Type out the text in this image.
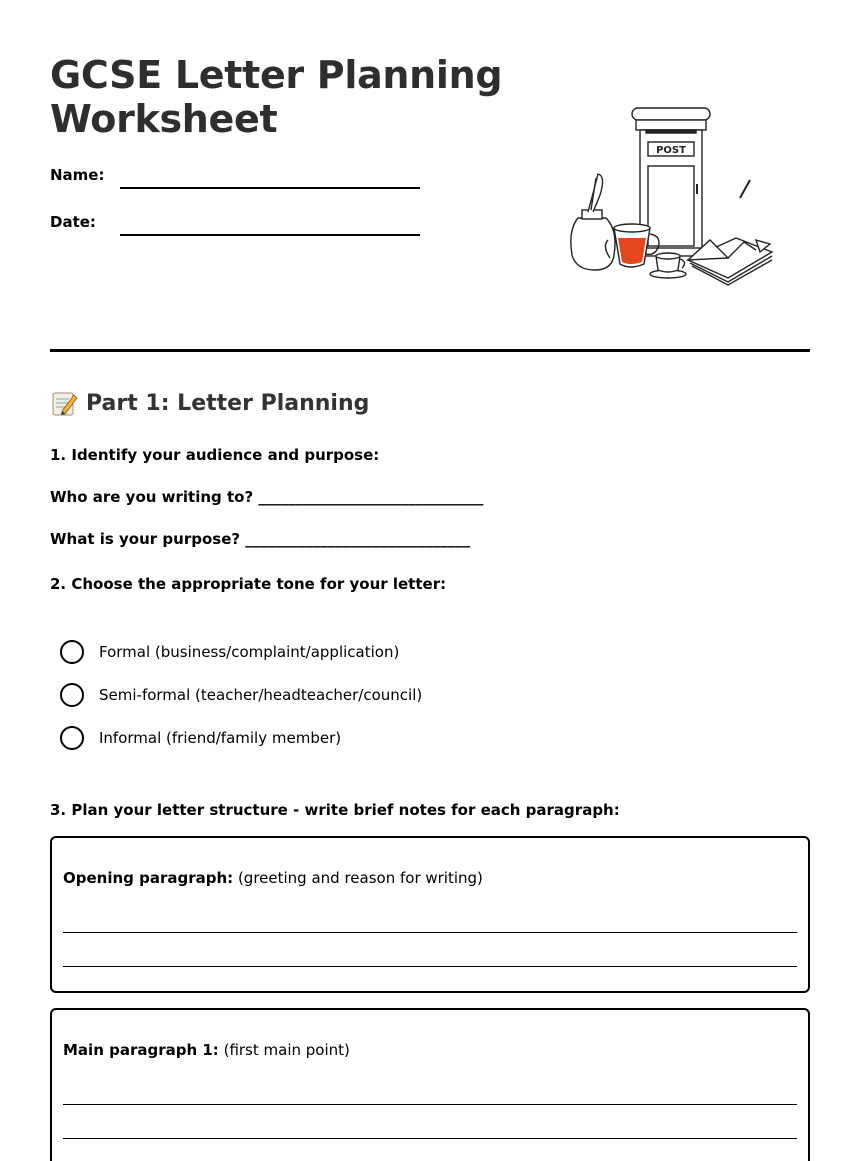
GCSE Letter Planning Worksheet
Name:
Date:
POST
Part 1: Letter Planning
1. Identify your audience and purpose:
Who are you writing to? ______________________________
What is your purpose? ______________________________
2. Choose the appropriate tone for your letter:
Formal (business/complaint/application)
Semi-formal (teacher/headteacher/council)
Informal (friend/family member)
3. Plan your letter structure - write brief notes for each paragraph:
Opening paragraph: (greeting and reason for writing)
Main paragraph 1: (first main point)
